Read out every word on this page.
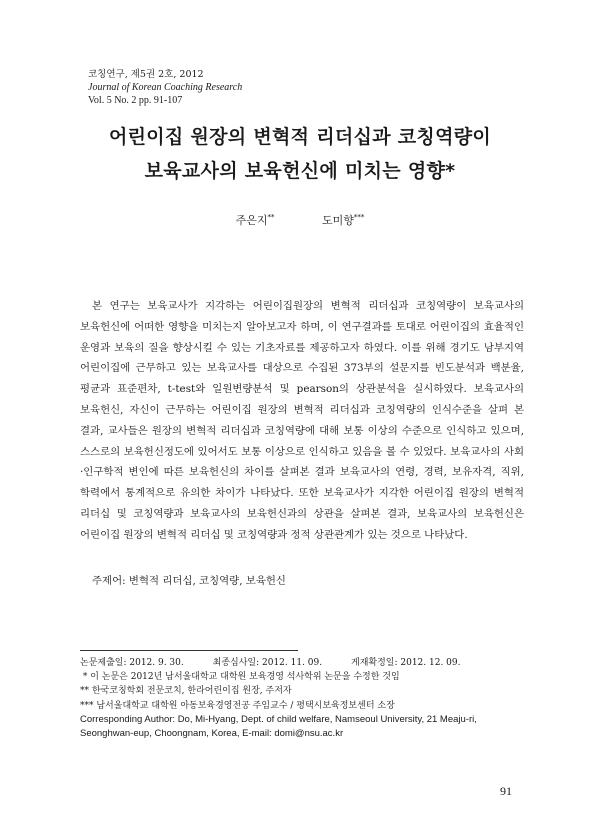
코칭연구, 제5권 2호, 2012
Journal of Korean Coaching Research
Vol. 5 No. 2 pp. 91-107
어린이집 원장의 변혁적 리더십과 코칭역량이
보육교사의 보육헌신에 미치는 영향*
주은지**	도미향***
본 연구는 보육교사가 지각하는 어린이집원장의 변혁적 리더십과 코칭역량이 보육교사의 보육헌신에 어떠한 영향을 미치는지 알아보고자 하며, 이 연구결과를 토대로 어린이집의 효율적인 운영과 보육의 질을 향상시킬 수 있는 기초자료를 제공하고자 하였다. 이를 위해 경기도 남부지역 어린이집에 근무하고 있는 보육교사를 대상으로 수집된 373부의 설문지를 빈도분석과 백분율, 평균과 표준편차, t-test와 일원변량분석 및 pearson의 상관분석을 실시하였다. 보육교사의 보육헌신, 자신이 근무하는 어린이집 원장의 변혁적 리더십과 코칭역량의 인식수준을 살펴 본 결과, 교사들은 원장의 변혁적 리더십과 코칭역량에 대해 보통 이상의 수준으로 인식하고 있으며, 스스로의 보육헌신정도에 있어서도 보통 이상으로 인식하고 있음을 볼 수 있었다. 보육교사의 사회·인구학적 변인에 따른 보육헌신의 차이를 살펴본 결과 보육교사의 연령, 경력, 보유자격, 직위, 학력에서 통계적으로 유의한 차이가 나타났다. 또한 보육교사가 지각한 어린이집 원장의 변혁적 리더십 및 코칭역량과 보육교사의 보육헌신과의 상관을 살펴본 결과, 보육교사의 보육헌신은 어린이집 원장의 변혁적 리더십 및 코칭역량과 정적 상관관계가 있는 것으로 나타났다.
주제어: 변혁적 리더십, 코칭역량, 보육헌신
논문제출일: 2012. 9. 30.	최종심사일: 2012. 11. 09.	게재확정일: 2012. 12. 09.
* 이 논문은 2012년 남서울대학교 대학원 보육경영 석사학위 논문을 수정한 것임
** 한국코칭학회 전문코치, 한라어린이집 원장, 주저자
*** 남서울대학교 대학원 아동보육경영전공 주임교수 / 평택시보육정보센터 소장
Corresponding Author: Do, Mi-Hyang, Dept. of child welfare, Namseoul University, 21 Meaju-ri,
Seonghwan-eup, Choongnam, Korea, E-mail: domi@nsu.ac.kr
91
